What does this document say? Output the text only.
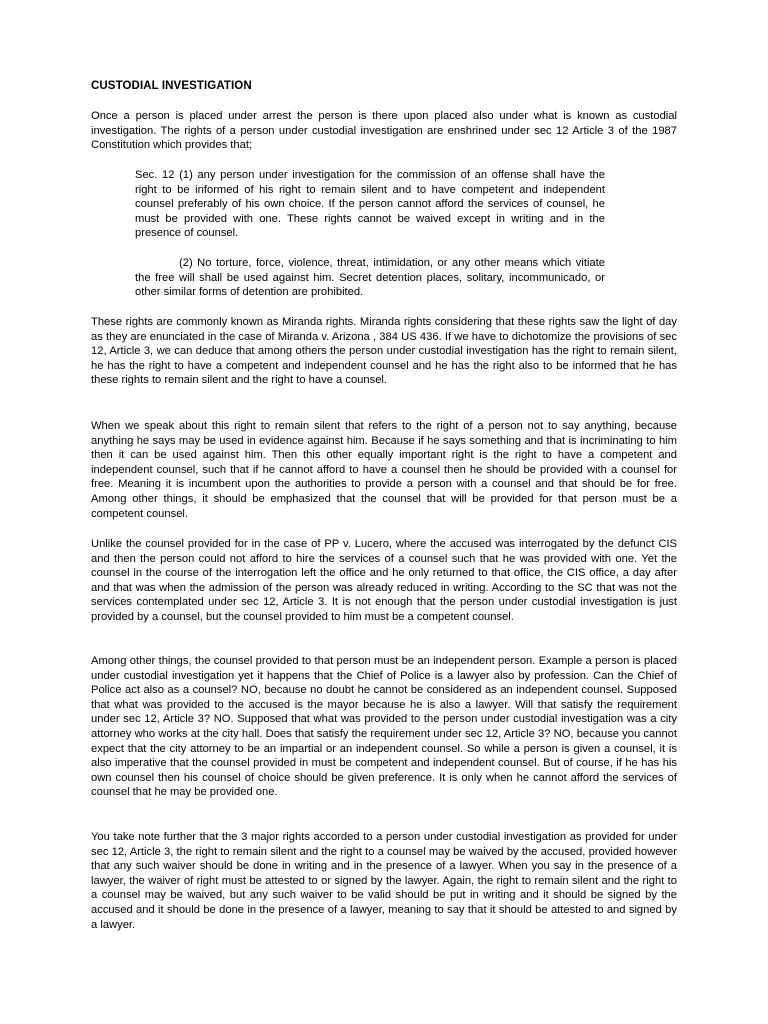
CUSTODIAL INVESTIGATION

Once a person is placed under arrest the person is there upon placed also under what is known as custodial investigation. The rights of a person under custodial investigation are enshrined under sec 12 Article 3 of the 1987 Constitution which provides that;

Sec. 12 (1) any person under investigation for the commission of an offense shall have the right to be informed of his right to remain silent and to have competent and independent counsel preferably of his own choice. If the person cannot afford the services of counsel, he must be provided with one. These rights cannot be waived except in writing and in the presence of counsel.

(2) No torture, force, violence, threat, intimidation, or any other means which vitiate the free will shall be used against him. Secret detention places, solitary, incommunicado, or other similar forms of detention are prohibited.

These rights are commonly known as Miranda rights. Miranda rights considering that these rights saw the light of day as they are enunciated in the case of Miranda v. Arizona , 384 US 436. If we have to dichotomize the provisions of sec 12, Article 3, we can deduce that among others the person under custodial investigation has the right to remain silent, he has the right to have a competent and independent counsel and he has the right also to be informed that he has these rights to remain silent and the right to have a counsel.

When we speak about this right to remain silent that refers to the right of a person not to say anything, because anything he says may be used in evidence against him. Because if he says something and that is incriminating to him then it can be used against him. Then this other equally important right is the right to have a competent and independent counsel, such that if he cannot afford to have a counsel then he should be provided with a counsel for free. Meaning it is incumbent upon the authorities to provide a person with a counsel and that should be for free. Among other things, it should be emphasized that the counsel that will be provided for that person must be a competent counsel.

Unlike the counsel provided for in the case of PP v. Lucero, where the accused was interrogated by the defunct CIS and then the person could not afford to hire the services of a counsel such that he was provided with one. Yet the counsel in the course of the interrogation left the office and he only returned to that office, the CIS office, a day after and that was when the admission of the person was already reduced in writing. According to the SC that was not the services contemplated under sec 12, Article 3. It is not enough that the person under custodial investigation is just provided by a counsel, but the counsel provided to him must be a competent counsel.

Among other things, the counsel provided to that person must be an independent person. Example a person is placed under custodial investigation yet it happens that the Chief of Police is a lawyer also by profession. Can the Chief of Police act also as a counsel? NO, because no doubt he cannot be considered as an independent counsel. Supposed that what was provided to the accused is the mayor because he is also a lawyer. Will that satisfy the requirement under sec 12, Article 3? NO. Supposed that what was provided to the person under custodial investigation was a city attorney who works at the city hall. Does that satisfy the requirement under sec 12, Article 3? NO, because you cannot expect that the city attorney to be an impartial or an independent counsel. So while a person is given a counsel, it is also imperative that the counsel provided in must be competent and independent counsel. But of course, if he has his own counsel then his counsel of choice should be given preference. It is only when he cannot afford the services of counsel that he may be provided one.

You take note further that the 3 major rights accorded to a person under custodial investigation as provided for under sec 12, Article 3, the right to remain silent and the right to a counsel may be waived by the accused, provided however that any such waiver should be done in writing and in the presence of a lawyer. When you say in the presence of a lawyer, the waiver of right must be attested to or signed by the lawyer. Again, the right to remain silent and the right to a counsel may be waived, but any such waiver to be valid should be put in writing and it should be signed by the accused and it should be done in the presence of a lawyer, meaning to say that it should be attested to and signed by a lawyer.
